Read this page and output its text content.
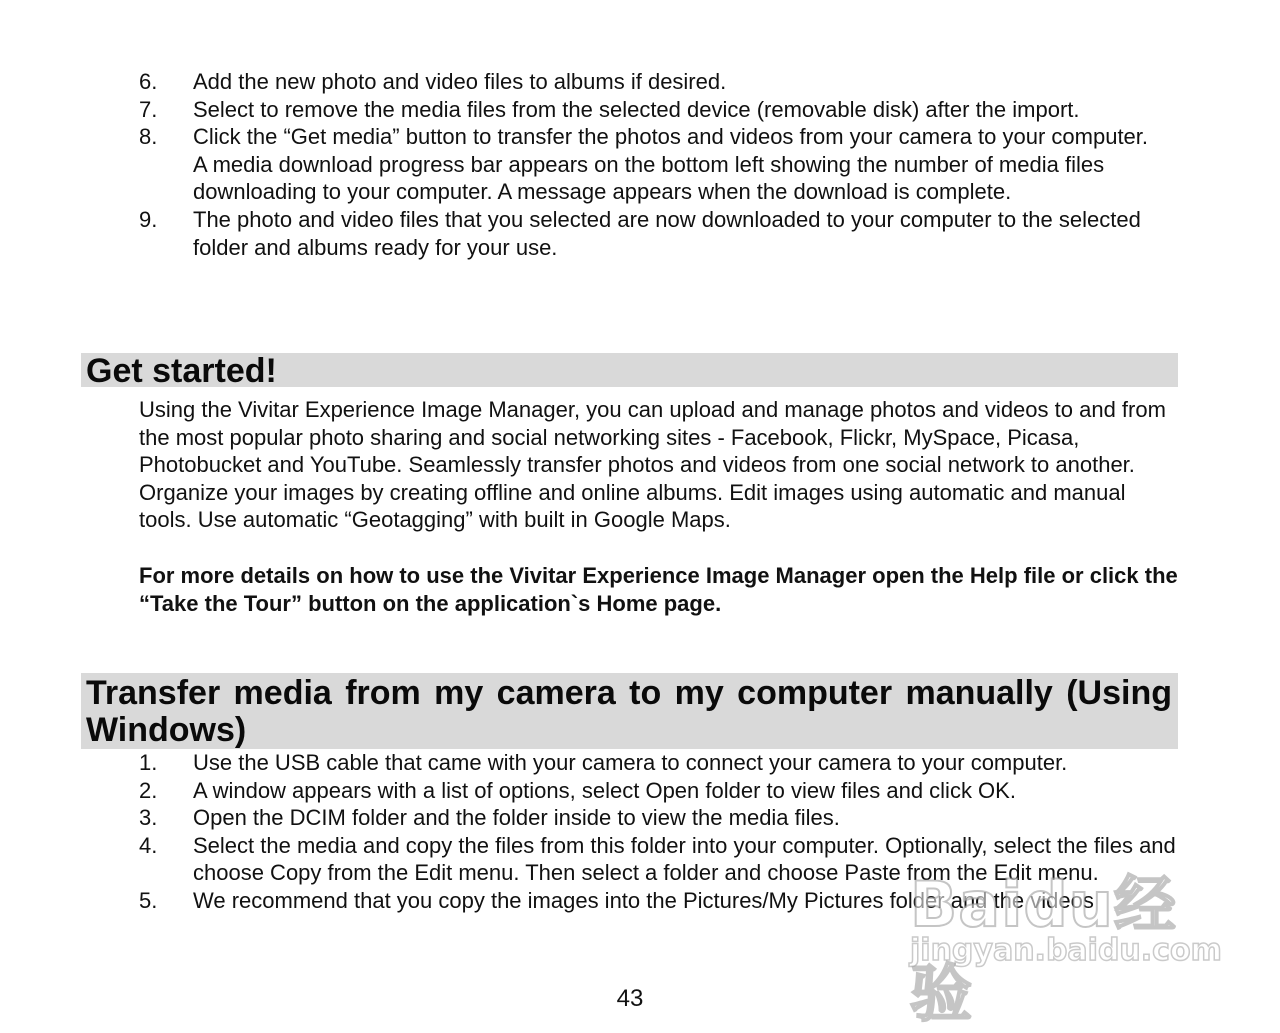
6. Add the new photo and video files to albums if desired.
7. Select to remove the media files from the selected device (removable disk) after the import.
8. Click the “Get media” button to transfer the photos and videos from your camera to your computer.
A media download progress bar appears on the bottom left showing the number of media files downloading to your computer. A message appears when the download is complete.
9. The photo and video files that you selected are now downloaded to your computer to the selected folder and albums ready for your use.
Get started!
Using the Vivitar Experience Image Manager, you can upload and manage photos and videos to and from the most popular photo sharing and social networking sites - Facebook, Flickr, MySpace, Picasa, Photobucket and YouTube. Seamlessly transfer photos and videos from one social network to another. Organize your images by creating offline and online albums. Edit images using automatic and manual tools. Use automatic “Geotagging” with built in Google Maps.
For more details on how to use the Vivitar Experience Image Manager open the Help file or click the “Take the Tour” button on the application`s Home page.
Transfer media from my camera to my computer manually (Using Windows)
1. Use the USB cable that came with your camera to connect your camera to your computer.
2. A window appears with a list of options, select Open folder to view files and click OK.
3. Open the DCIM folder and the folder inside to view the media files.
4. Select the media and copy the files from this folder into your computer. Optionally, select the files and choose Copy from the Edit menu. Then select a folder and choose Paste from the Edit menu.
5. We recommend that you copy the images into the Pictures/My Pictures folder and the videos
43
Baidu经验
jingyan.baidu.com
